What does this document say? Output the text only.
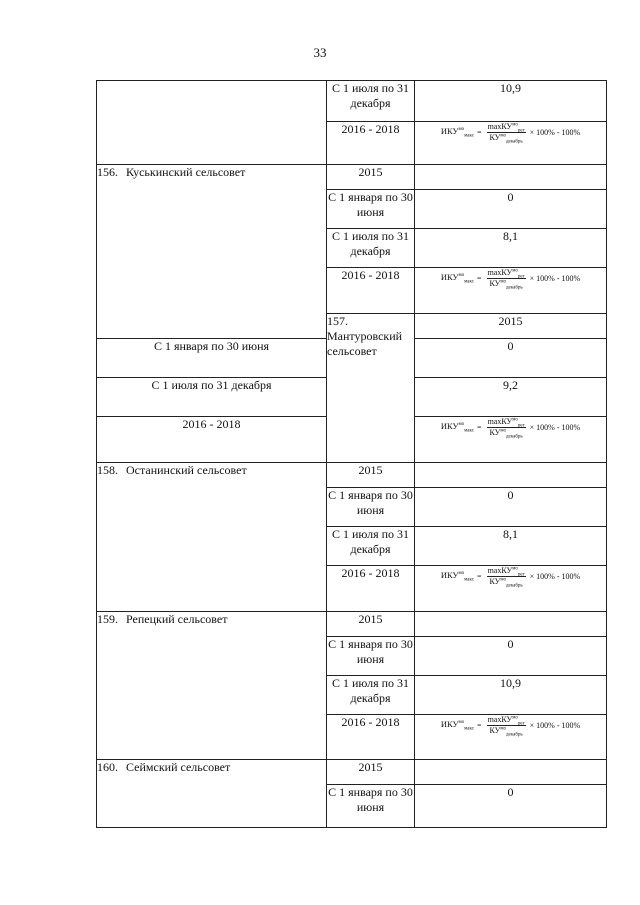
33
	С 1 июля по 31 декабря	10,9	
	2016 - 2018	$ИКУ^{мо}_{макс} = \frac{\max КУ^{мо}_{рег}}{КУ^{мо}_{декабрь}} \times 100\% - 100\%$	

156. Куськинский сельсовет	2015		
	С 1 января по 30 июня	0	
	С 1 июля по 31 декабря	8,1	
	2016 - 2018	$ИКУ^{мо}_{макс} = \frac{\max КУ^{мо}_{рег}}{КУ^{мо}_{декабрь}} \times 100\% - 100\%$	

	157. Мантуровский сельсовет	2015	
С 1 января по 30 июня		0	
С 1 июля по 31 декабря		9,2	
2016 - 2018		$ИКУ^{мо}_{макс} = \frac{\max КУ^{мо}_{рег}}{КУ^{мо}_{декабрь}} \times 100\% - 100\%$	

158. Останинский сельсовет	2015		
	С 1 января по 30 июня	0	
	С 1 июля по 31 декабря	8,1	
	2016 - 2018	$ИКУ^{мо}_{макс} = \frac{\max КУ^{мо}_{рег}}{КУ^{мо}_{декабрь}} \times 100\% - 100\%$	

159. Репецкий сельсовет	2015		
	С 1 января по 30 июня	0	
	С 1 июля по 31 декабря	10,9	
	2016 - 2018	$ИКУ^{мо}_{макс} = \frac{\max КУ^{мо}_{рег}}{КУ^{мо}_{декабрь}} \times 100\% - 100\%$	

160. Сеймский сельсовет	2015		
	С 1 января по 30 июня	0	
